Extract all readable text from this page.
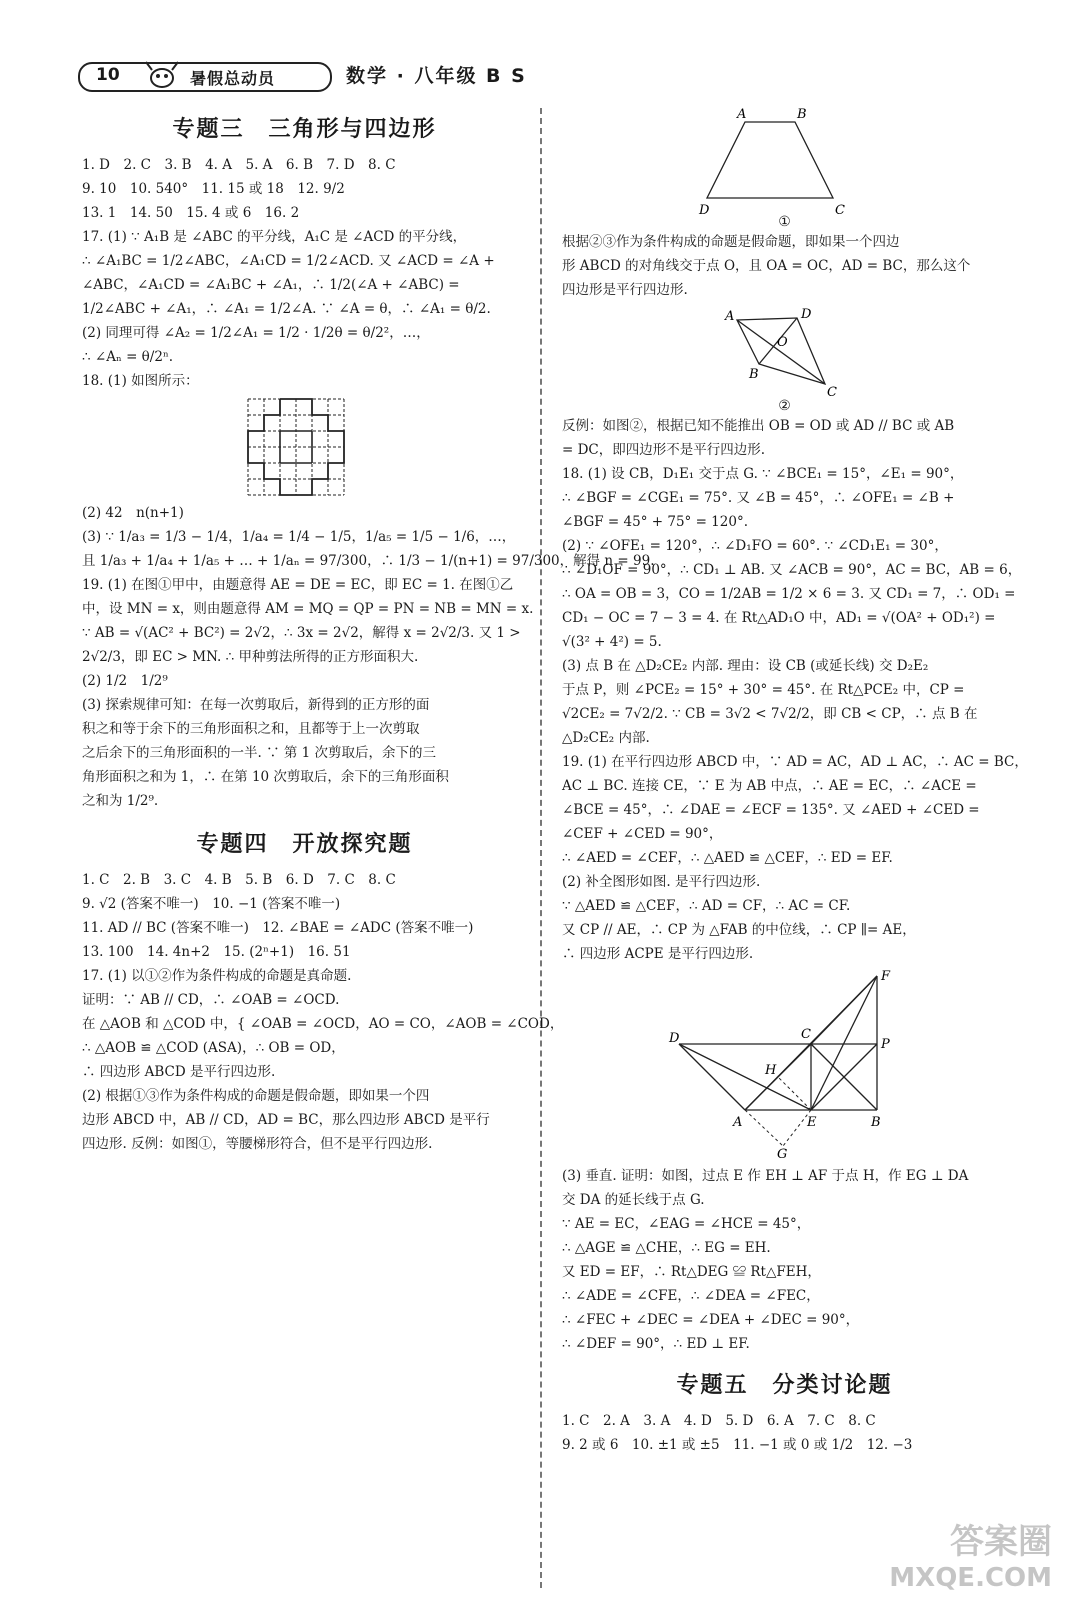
10	暑假总动员	数学 · 八年级 B S
专题三　三角形与四边形
1. D　2. C　3. B　4. A　5. A　6. B　7. D　8. C
9. 10　10. 540°　11. 15 或 18　12. 9/2
13. 1　14. 50　15. 4 或 6　16. 2
17. (1) ∵ A₁B 是 ∠ABC 的平分线，A₁C 是 ∠ACD 的平分线，
∴ ∠A₁BC = 1/2∠ABC，∠A₁CD = 1/2∠ACD. 又 ∠ACD = ∠A +
∠ABC，∠A₁CD = ∠A₁BC + ∠A₁，∴ 1/2(∠A + ∠ABC) =
1/2∠ABC + ∠A₁，∴ ∠A₁ = 1/2∠A. ∵ ∠A = θ，∴ ∠A₁ = θ/2.
(2) 同理可得 ∠A₂ = 1/2∠A₁ = 1/2 · 1/2θ = θ/2²，…，
∴ ∠Aₙ = θ/2ⁿ.
18. (1) 如图所示：
(2) 42　n(n+1)
(3) ∵ 1/a₃ = 1/3 − 1/4，1/a₄ = 1/4 − 1/5，1/a₅ = 1/5 − 1/6，…，
且 1/a₃ + 1/a₄ + 1/a₅ + … + 1/aₙ = 97/300，∴ 1/3 − 1/(n+1) = 97/300，解得 n = 99.
19. (1) 在图①甲中，由题意得 AE = DE = EC，即 EC = 1. 在图①乙
中，设 MN = x，则由题意得 AM = MQ = QP = PN = NB = MN = x.
∵ AB = √(AC² + BC²) = 2√2，∴ 3x = 2√2，解得 x = 2√2/3. 又 1 >
2√2/3，即 EC > MN. ∴ 甲种剪法所得的正方形面积大.
(2) 1/2　1/2⁹
(3) 探索规律可知：在每一次剪取后，新得到的正方形的面
积之和等于余下的三角形面积之和，且都等于上一次剪取
之后余下的三角形面积的一半. ∵ 第 1 次剪取后，余下的三
角形面积之和为 1，∴ 在第 10 次剪取后，余下的三角形面积
之和为 1/2⁹.
专题四　开放探究题
1. C　2. B　3. C　4. B　5. B　6. D　7. C　8. C
9. √2 (答案不唯一)　10. −1 (答案不唯一)
11. AD // BC (答案不唯一)　12. ∠BAE = ∠ADC (答案不唯一)
13. 100　14. 4n+2　15. (2ⁿ+1)　16. 51
17. (1) 以①②作为条件构成的命题是真命题.
证明：∵ AB // CD，∴ ∠OAB = ∠OCD.
在 △AOB 和 △COD 中，{ ∠OAB = ∠OCD，AO = CO，∠AOB = ∠COD，
∴ △AOB ≌ △COD (ASA)，∴ OB = OD，
∴ 四边形 ABCD 是平行四边形.
(2) 根据①③作为条件构成的命题是假命题，即如果一个四
边形 ABCD 中，AB // CD，AD = BC，那么四边形 ABCD 是平行
四边形. 反例：如图①，等腰梯形符合，但不是平行四边形.
A	B
C
D
①
根据②③作为条件构成的命题是假命题，即如果一个四边
形 ABCD 的对角线交于点 O，且 OA = OC，AD = BC，那么这个
四边形是平行四边形.
A	D
O
B
C
②
反例：如图②，根据已知不能推出 OB = OD 或 AD // BC 或 AB
= DC，即四边形不是平行四边形.
18. (1) 设 CB，D₁E₁ 交于点 G. ∵ ∠BCE₁ = 15°，∠E₁ = 90°，
∴ ∠BGF = ∠CGE₁ = 75°. 又 ∠B = 45°，∴ ∠OFE₁ = ∠B +
∠BGF = 45° + 75° = 120°.
(2) ∵ ∠OFE₁ = 120°，∴ ∠D₁FO = 60°. ∵ ∠CD₁E₁ = 30°，
∴ ∠D₁OF = 90°，∴ CD₁ ⊥ AB. 又 ∠ACB = 90°，AC = BC，AB = 6，
∴ OA = OB = 3，CO = 1/2AB = 1/2 × 6 = 3. 又 CD₁ = 7，∴ OD₁ =
CD₁ − OC = 7 − 3 = 4. 在 Rt△AD₁O 中，AD₁ = √(OA² + OD₁²) =
√(3² + 4²) = 5.
(3) 点 B 在 △D₂CE₂ 内部. 理由：设 CB (或延长线) 交 D₂E₂
于点 P，则 ∠PCE₂ = 15° + 30° = 45°. 在 Rt△PCE₂ 中，CP =
√2CE₂ = 7√2/2. ∵ CB = 3√2 < 7√2/2，即 CB < CP，∴ 点 B 在
△D₂CE₂ 内部.
19. (1) 在平行四边形 ABCD 中，∵ AD = AC，AD ⊥ AC，∴ AC = BC，
AC ⊥ BC. 连接 CE，∵ E 为 AB 中点，∴ AE = EC，∴ ∠ACE =
∠BCE = 45°，∴ ∠DAE = ∠ECF = 135°. 又 ∠AED + ∠CED =
∠CEF + ∠CED = 90°，
∴ ∠AED = ∠CEF，∴ △AED ≌ △CEF，∴ ED = EF.
(2) 补全图形如图. 是平行四边形.
∵ △AED ≌ △CEF，∴ AD = CF，∴ AC = CF.
又 CP // AE，∴ CP 为 △FAB 的中位线，∴ CP ∥= AE，
∴ 四边形 ACPE 是平行四边形.
D	C
F
P
H
A	E	B
G
(3) 垂直. 证明：如图，过点 E 作 EH ⊥ AF 于点 H，作 EG ⊥ DA
交 DA 的延长线于点 G.
∵ AE = EC，∠EAG = ∠HCE = 45°，
∴ △AGE ≌ △CHE，∴ EG = EH.
又 ED = EF，∴ Rt△DEG ≌ Rt△FEH，
∴ ∠ADE = ∠CFE，∴ ∠DEA = ∠FEC，
∴ ∠FEC + ∠DEC = ∠DEA + ∠DEC = 90°，
∴ ∠DEF = 90°，∴ ED ⊥ EF.
专题五　分类讨论题
1. C　2. A　3. A　4. D　5. D　6. A　7. C　8. C
9. 2 或 6　10. ±1 或 ±5　11. −1 或 0 或 1/2　12. −3
答案圈
MXQE.COM
